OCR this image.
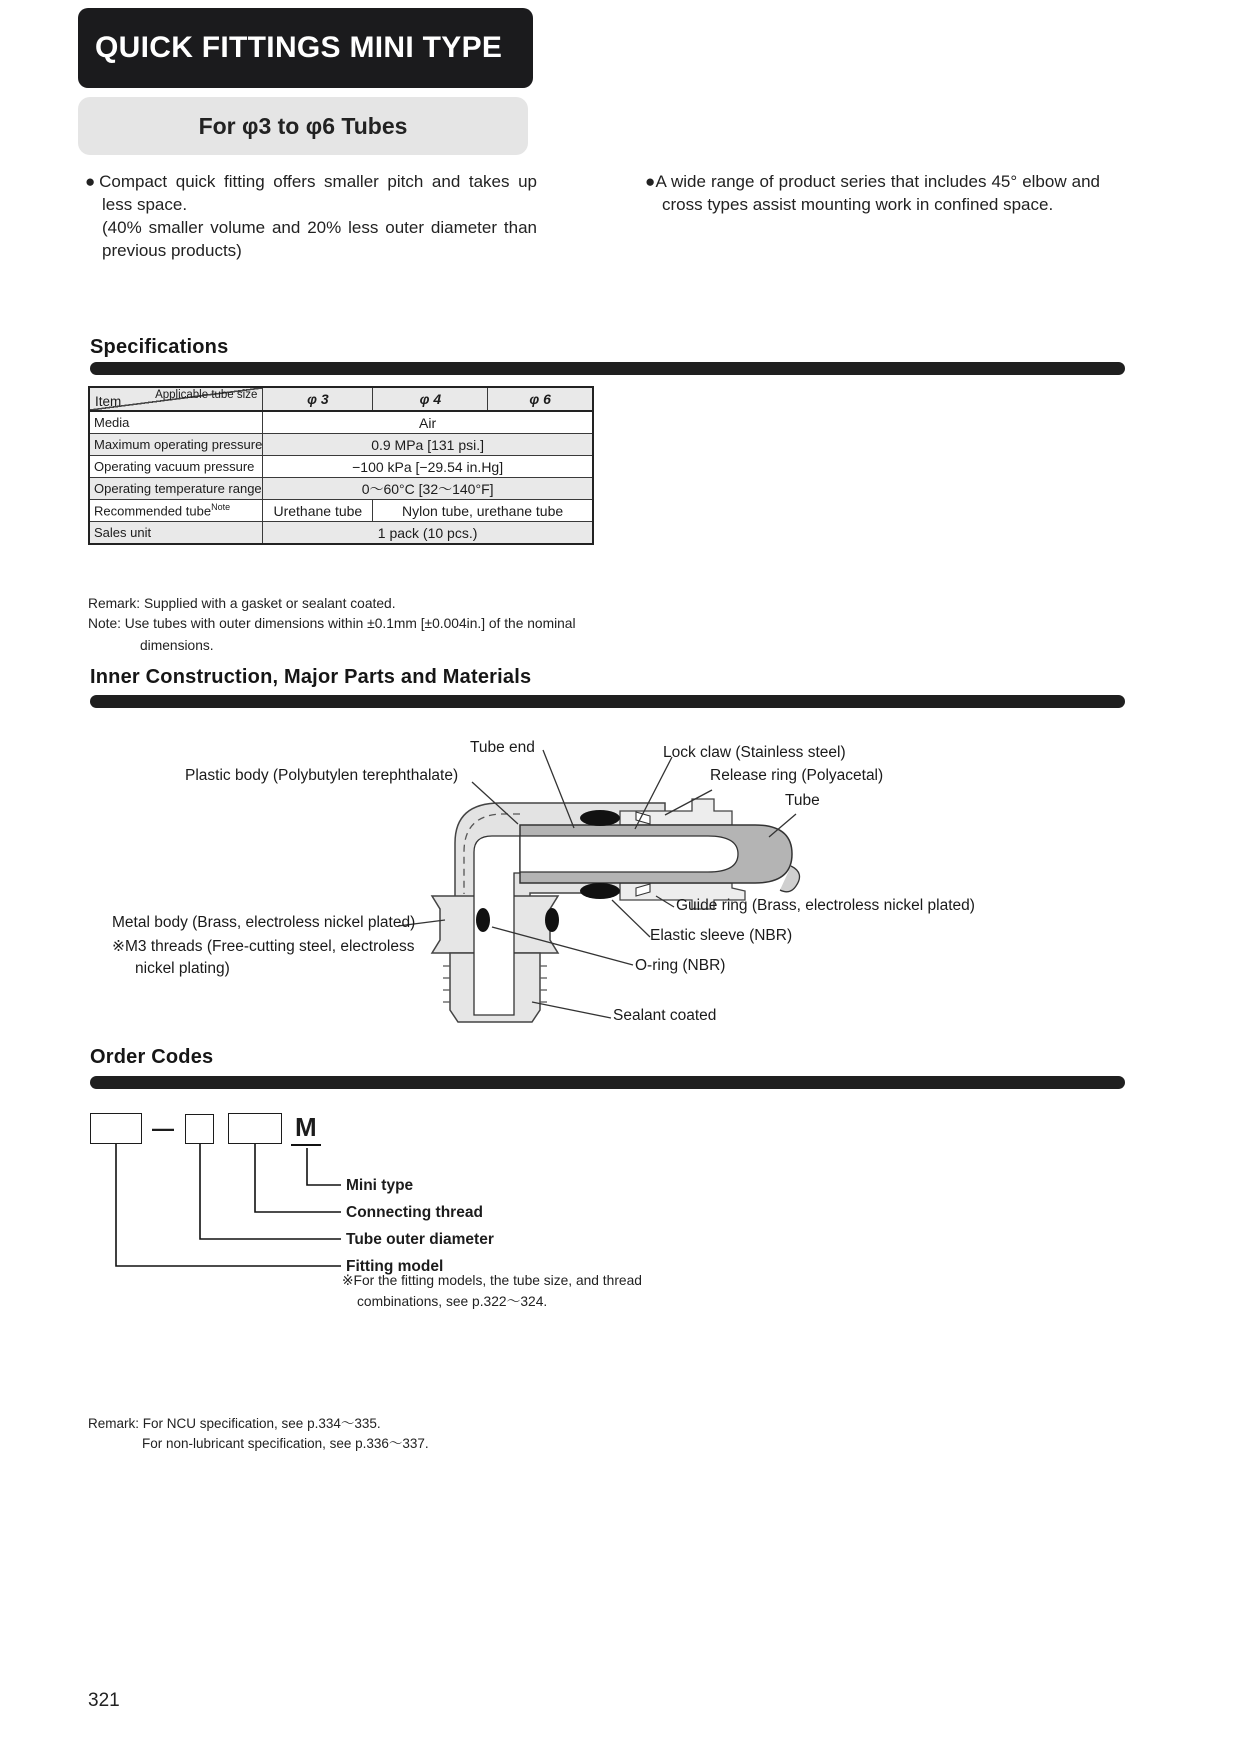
QUICK FITTINGS MINI TYPE
For φ3 to φ6 Tubes
●Compact quick fitting offers smaller pitch and takes up less space.
(40% smaller volume and 20% less outer diameter than previous products)
●A wide range of product series that includes 45° elbow and cross types assist mounting work in confined space.
Specifications
Item Applicable tube size	φ 3	φ 4	φ 6
Media	Air		
Maximum operating pressure	0.9 MPa [131 psi.]		
Operating vacuum pressure	−100 kPa [−29.54 in.Hg]		
Operating temperature range	0～60°C [32～140°F]		
Recommended tube$^{Note}$	Urethane tube	Nylon tube, urethane tube	
Sales unit	1 pack (10 pcs.)		
Remark: Supplied with a gasket or sealant coated.
Note: Use tubes with outer dimensions within ±0.1mm [±0.004in.] of the nominal
dimensions.
Inner Construction, Major Parts and Materials
Tube end	Lock claw (Stainless steel)
Plastic body (Polybutylen terephthalate)	Release ring (Polyacetal)
Tube
Guide ring (Brass, electroless nickel plated)
Metal body (Brass, electroless nickel plated)
※M3 threads (Free-cutting steel, electroless
nickel plating)
Elastic sleeve (NBR)
O-ring (NBR)
Sealant coated
Order Codes
—	M
Mini type
Connecting thread
Tube outer diameter
Fitting model
※For the fitting models, the tube size, and thread
combinations, see p.322～324.
Remark: For NCU specification, see p.334～335.
For non-lubricant specification, see p.336～337.
321
